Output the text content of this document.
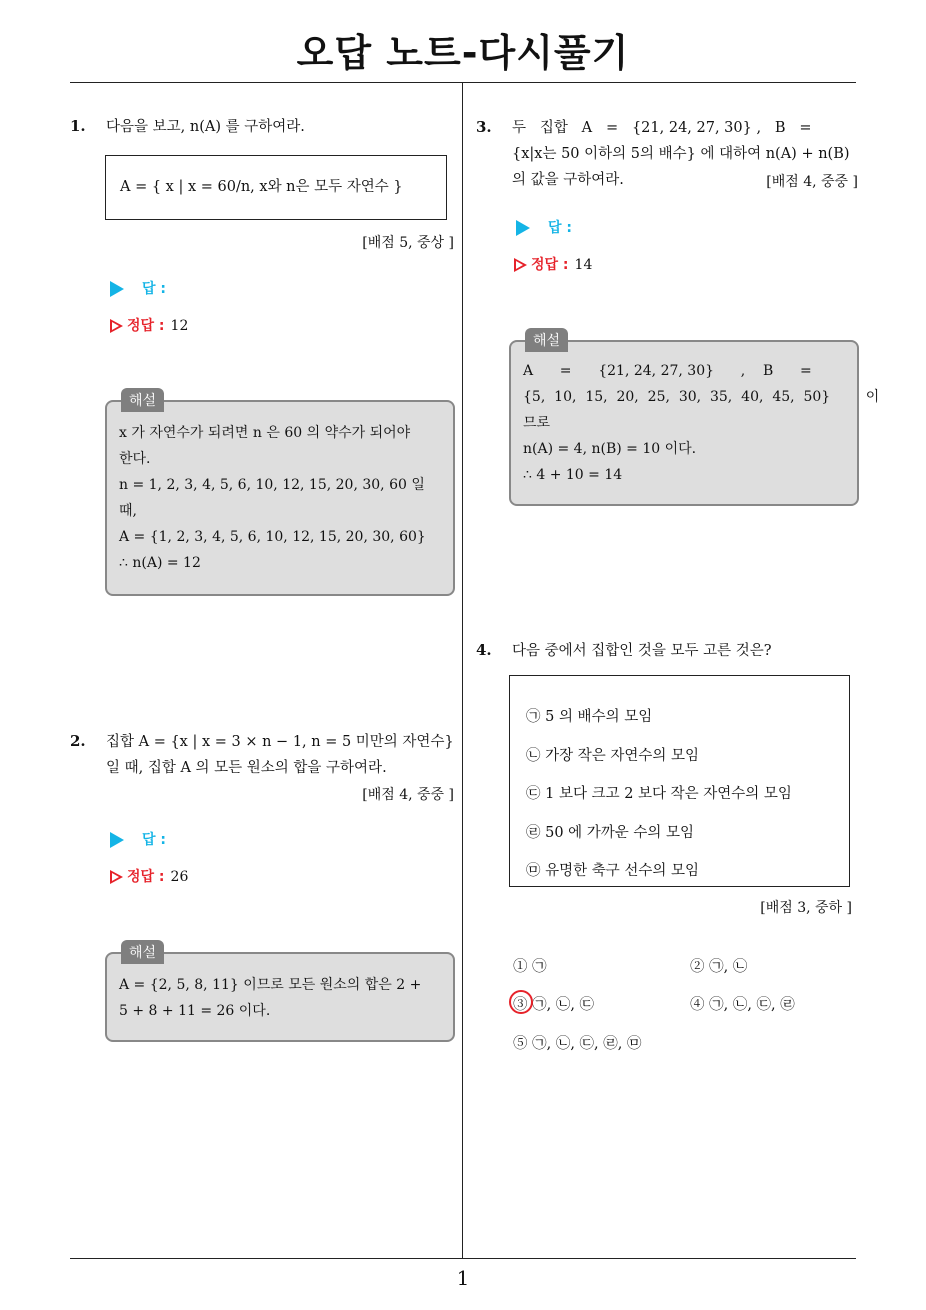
오답 노트-다시풀기
1
1. 다음을 보고, n(A) 를 구하여라.
A = { x | x = 60/n, x와 n은 모두 자연수 }
[배점 5, 중상 ]
답 :
정답 : 12
해설
x 가 자연수가 되려면 n 은 60 의 약수가 되어야
한다.
n = 1, 2, 3, 4, 5, 6, 10, 12, 15, 20, 30, 60 일
때,
A = {1, 2, 3, 4, 5, 6, 10, 12, 15, 20, 30, 60}
∴ n(A) = 12
2. 집합 A = {x | x = 3 × n − 1, n = 5 미만의 자연수}
일 때, 집합 A 의 모든 원소의 합을 구하여라.
[배점 4, 중중 ]
답 :
정답 : 26
해설
A = {2, 5, 8, 11} 이므로 모든 원소의 합은 2 +
5 + 8 + 11 = 26 이다.
3. 두   집합   A   =   {21, 24, 27, 30} ,   B   =
{x|x는 50 이하의 5의 배수} 에 대하여 n(A) + n(B)
의 값을 구하여라.	[배점 4, 중중 ]
답 :
정답 : 14
해설
A      =      {21, 24, 27, 30}      ,    B      =
{5,  10,  15,  20,  25,  30,  35,  40,  45,  50}        이
므로
n(A) = 4, n(B) = 10 이다.
∴ 4 + 10 = 14
4. 다음 중에서 집합인 것을 모두 고른 것은?
㉠ 5 의 배수의 모임
㉡ 가장 작은 자연수의 모임
㉢ 1 보다 크고 2 보다 작은 자연수의 모임
㉣ 50 에 가까운 수의 모임
㉤ 유명한 축구 선수의 모임
[배점 3, 중하 ]
① ㉠	② ㉠, ㉡
③ ㉠, ㉡, ㉢	④ ㉠, ㉡, ㉢, ㉣
⑤ ㉠, ㉡, ㉢, ㉣, ㉤
